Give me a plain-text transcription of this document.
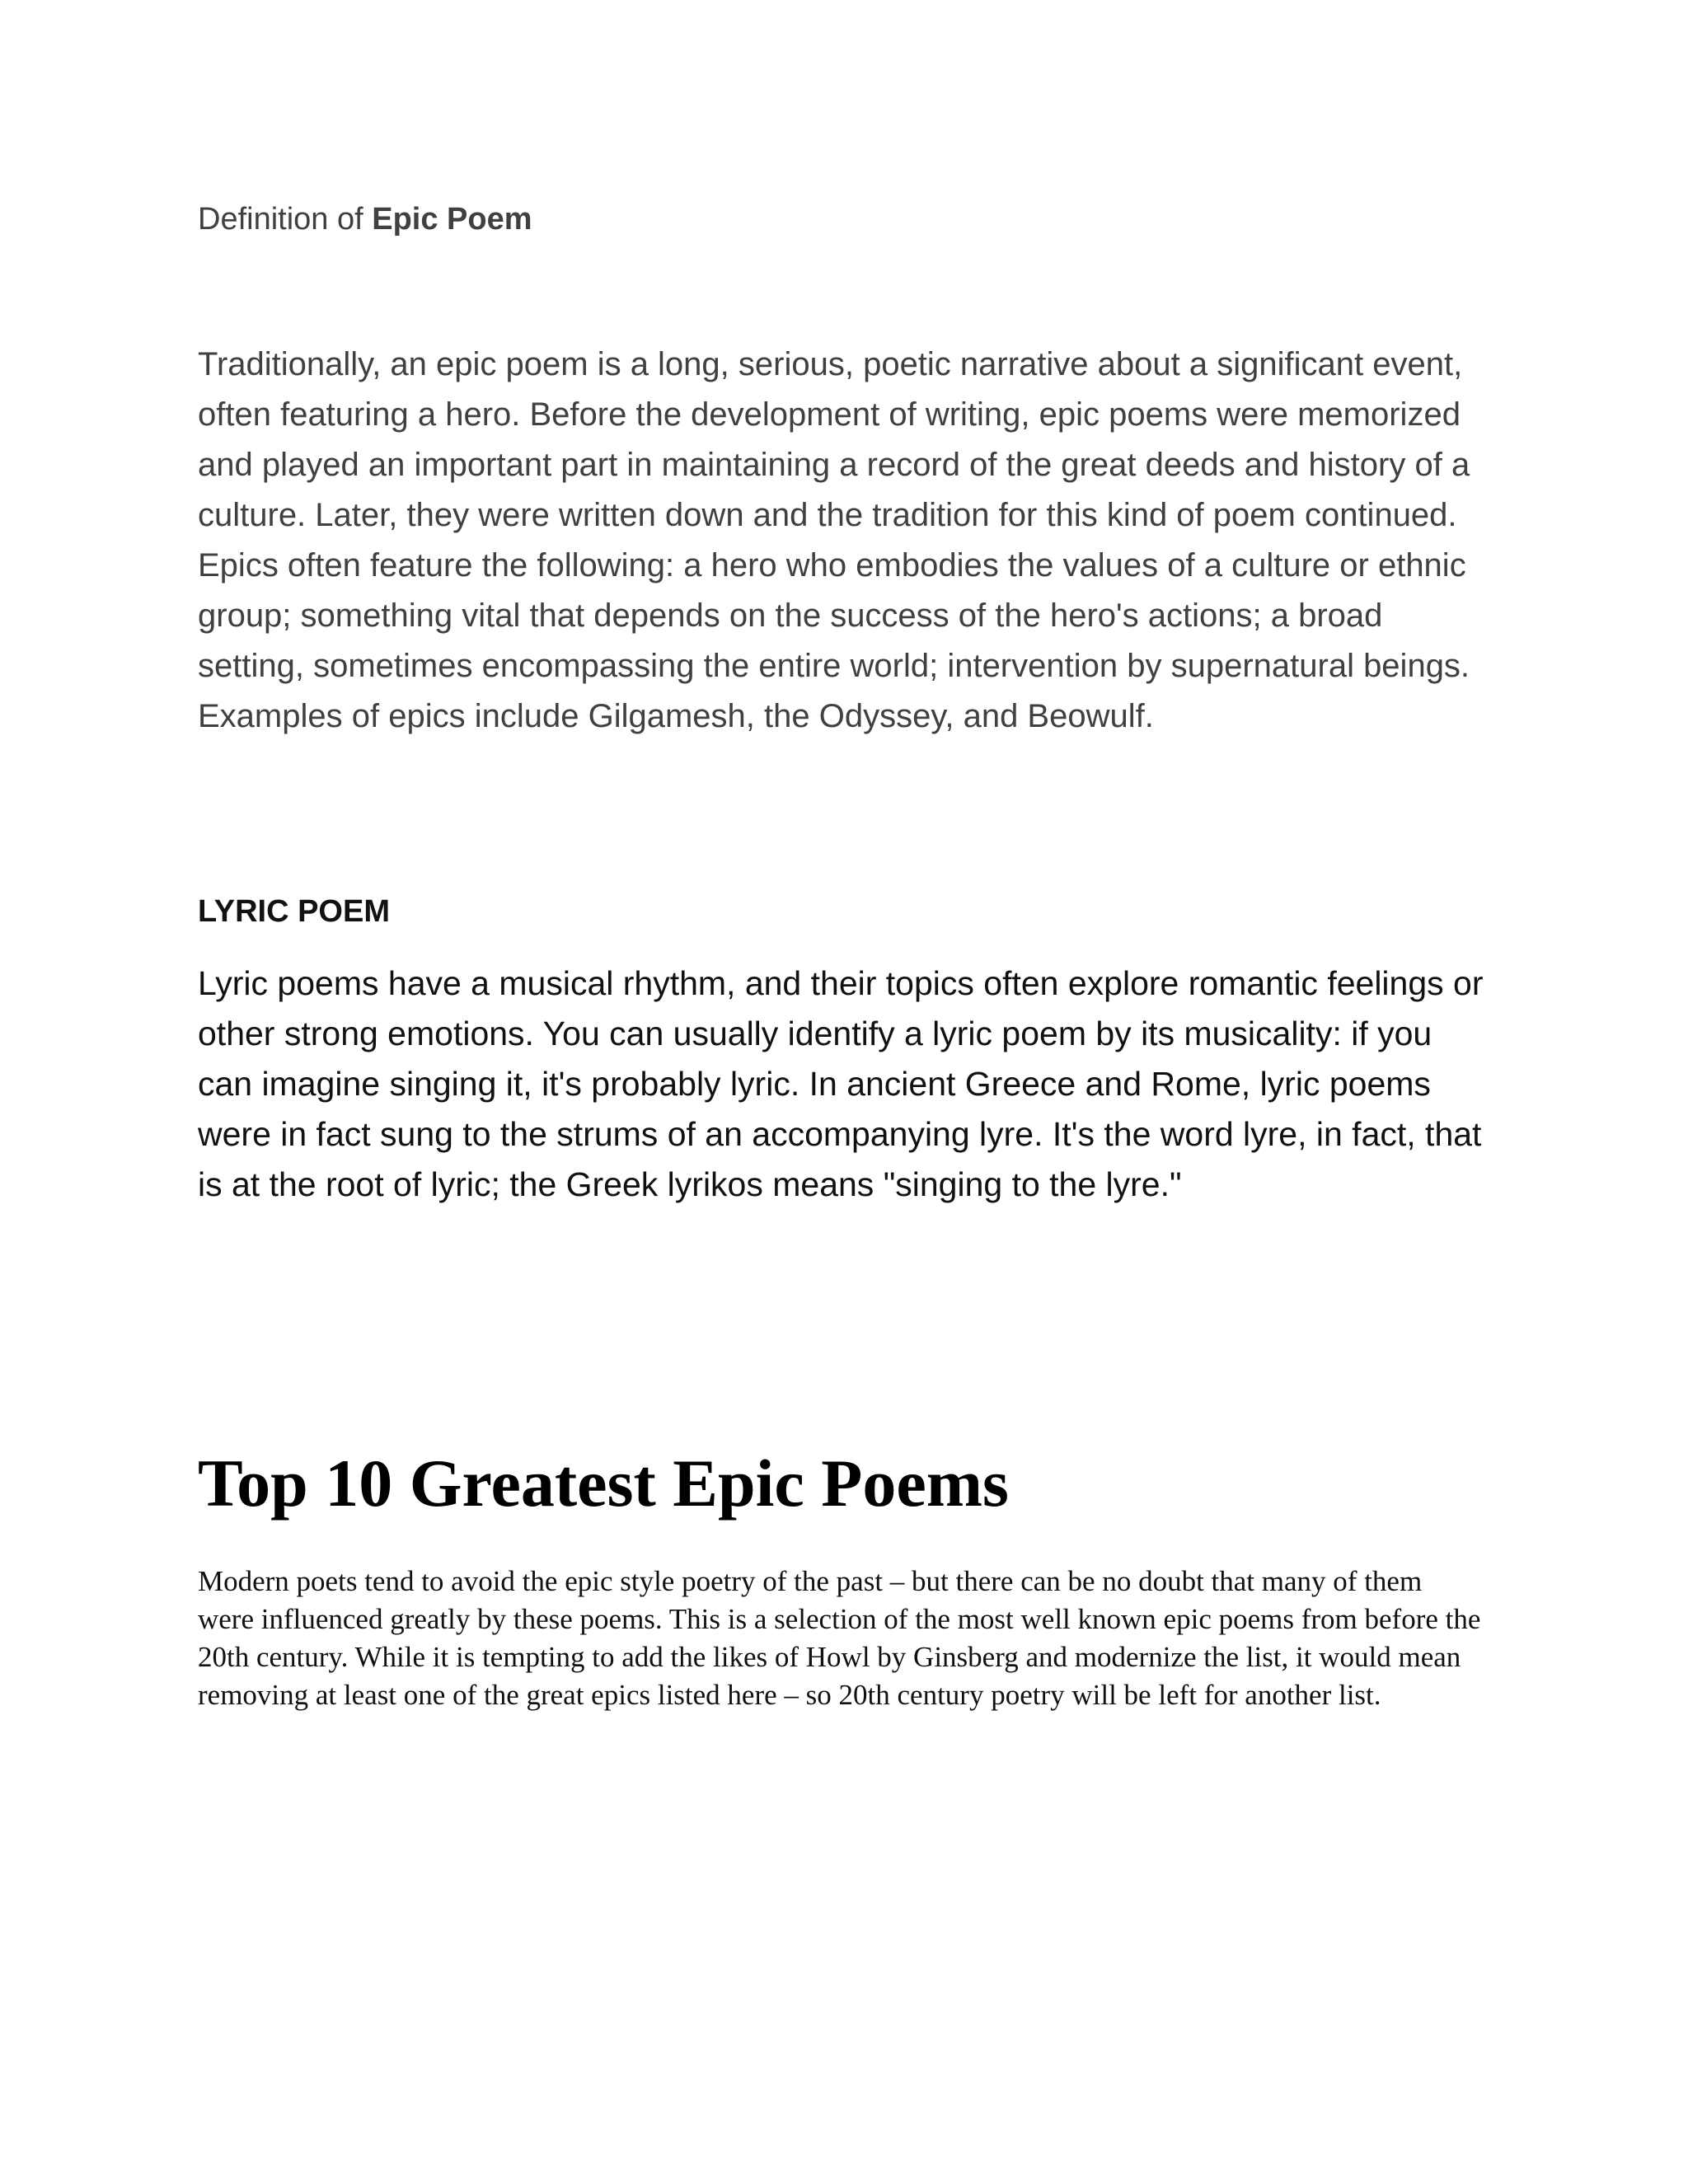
Definition of Epic Poem

Traditionally, an epic poem is a long, serious, poetic narrative about a significant event, often featuring a hero. Before the development of writing, epic poems were memorized and played an important part in maintaining a record of the great deeds and history of a culture. Later, they were written down and the tradition for this kind of poem continued. Epics often feature the following: a hero who embodies the values of a culture or ethnic group; something vital that depends on the success of the hero's actions; a broad setting, sometimes encompassing the entire world; intervention by supernatural beings. Examples of epics include Gilgamesh, the Odyssey, and Beowulf.

LYRIC POEM

Lyric poems have a musical rhythm, and their topics often explore romantic feelings or other strong emotions. You can usually identify a lyric poem by its musicality: if you can imagine singing it, it's probably lyric. In ancient Greece and Rome, lyric poems were in fact sung to the strums of an accompanying lyre. It's the word lyre, in fact, that is at the root of lyric; the Greek lyrikos means "singing to the lyre."

Top 10 Greatest Epic Poems

Modern poets tend to avoid the epic style poetry of the past – but there can be no doubt that many of them were influenced greatly by these poems. This is a selection of the most well known epic poems from before the 20th century. While it is tempting to add the likes of Howl by Ginsberg and modernize the list, it would mean removing at least one of the great epics listed here – so 20th century poetry will be left for another list.
